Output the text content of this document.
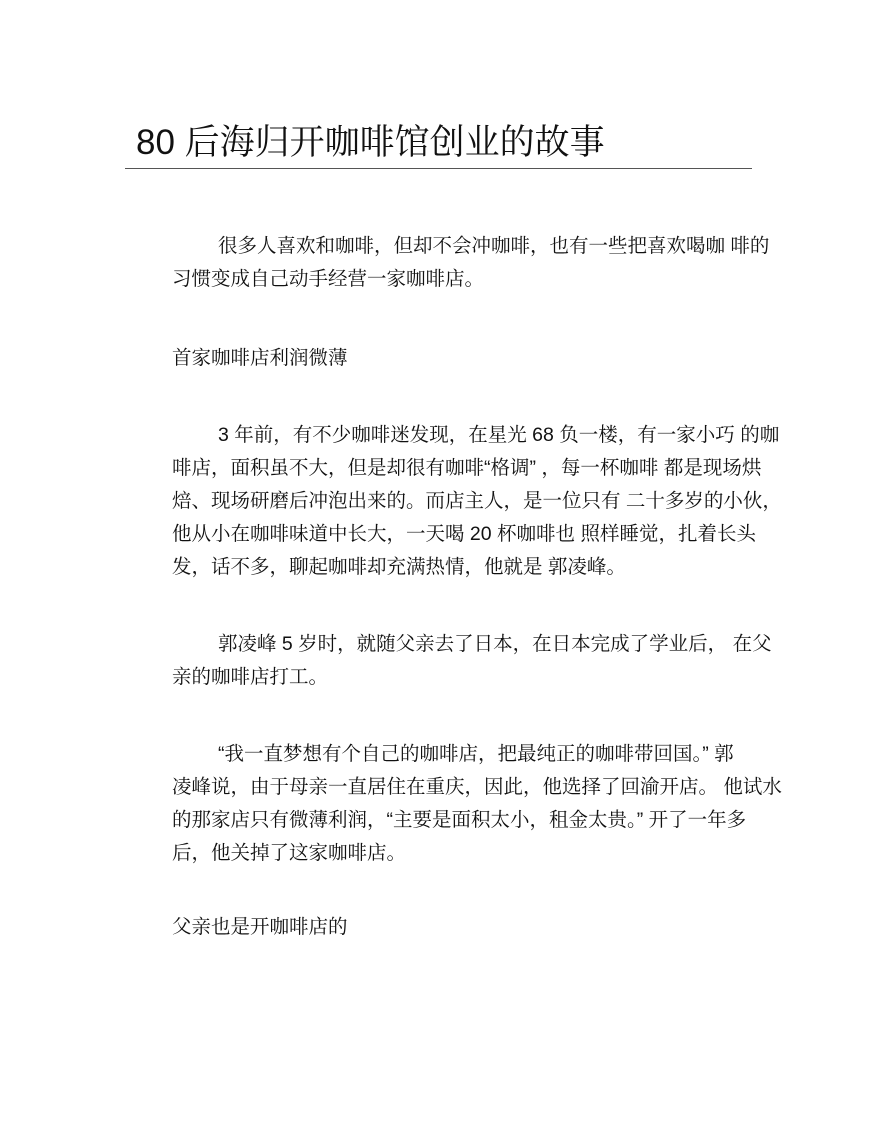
80 后海归开咖啡馆创业的故事

很多人喜欢和咖啡，但却不会冲咖啡，也有一些把喜欢喝咖 啡的
习惯变成自己动手经营一家咖啡店。

首家咖啡店利润微薄

3 年前，有不少咖啡迷发现，在星光 68 负一楼，有一家小巧 的咖
啡店，面积虽不大，但是却很有咖啡“格调” ，每一杯咖啡 都是现场烘
焙、现场研磨后冲泡出来的。而店主人，是一位只有 二十多岁的小伙，
他从小在咖啡味道中长大，一天喝 20 杯咖啡也 照样睡觉，扎着长头
发，话不多，聊起咖啡却充满热情，他就是 郭凌峰。

郭凌峰 5 岁时，就随父亲去了日本，在日本完成了学业后， 在父
亲的咖啡店打工。

“我一直梦想有个自己的咖啡店，把最纯正的咖啡带回国。” 郭
凌峰说，由于母亲一直居住在重庆，因此，他选择了回渝开店。 他试水
的那家店只有微薄利润，“主要是面积太小，租金太贵。” 开了一年多
后，他关掉了这家咖啡店。

父亲也是开咖啡店的
